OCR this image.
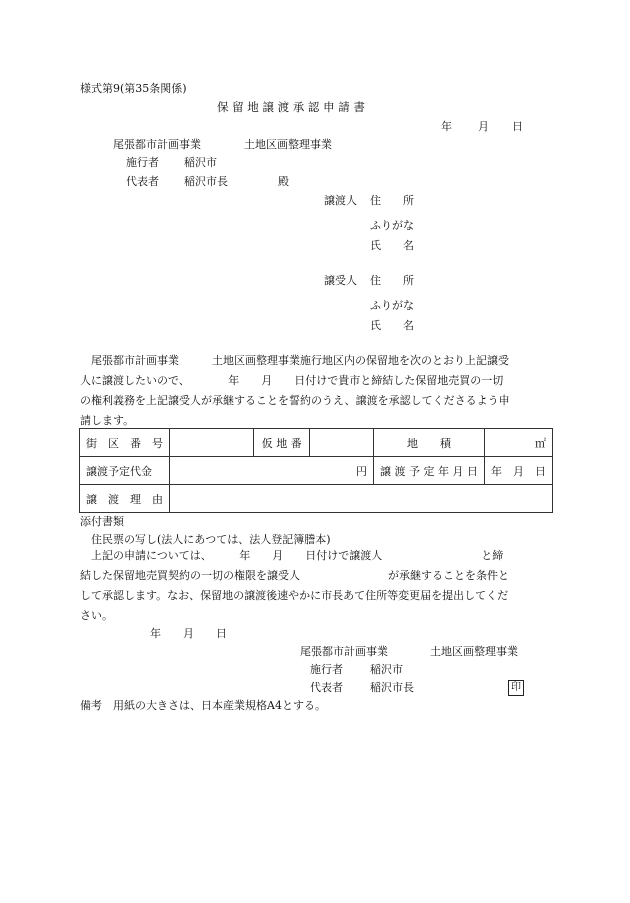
様式第9(第35条関係)
保 留 地 譲 渡 承 認 申 請 書
年 月 日
尾張都市計画事業	土地区画整理事業
施行者 稲沢市
代表者 稲沢市長	殿
譲渡人 住　　所
ふりがな
氏　　名
譲受人 住　　所
ふりがな
氏　　名
　尾張都市計画事業　　　土地区画整理事業施行地区内の保留地を次のとおり上記譲受
人に譲渡したいので、　　　　年　　月　　日付けで貴市と締結した保留地売買の一切
の権利義務を上記譲受人が承継することを誓約のうえ、譲渡を承認してくださるよう申
請します。
街　区　番　号		仮 地 番		地　　積	㎡
譲渡予定代金	円			譲 渡 予 定 年 月 日	年　月　日
譲　渡　理　由					
添付書類
住民票の写し(法人にあつては、法人登記簿謄本)
　上記の申請については、　　　年　　月　　日付けで譲渡人　　　　　　　　　と締
結した保留地売買契約の一切の権限を譲受人　　　　　　　　が承継することを条件と
して承認します。なお、保留地の譲渡後速やかに市長あて住所等変更届を提出してくだ
さい。
年　　月　　日
尾張都市計画事業	土地区画整理事業
施行者 稲沢市
代表者 稲沢市長	印
備考　用紙の大きさは、日本産業規格A4とする。
